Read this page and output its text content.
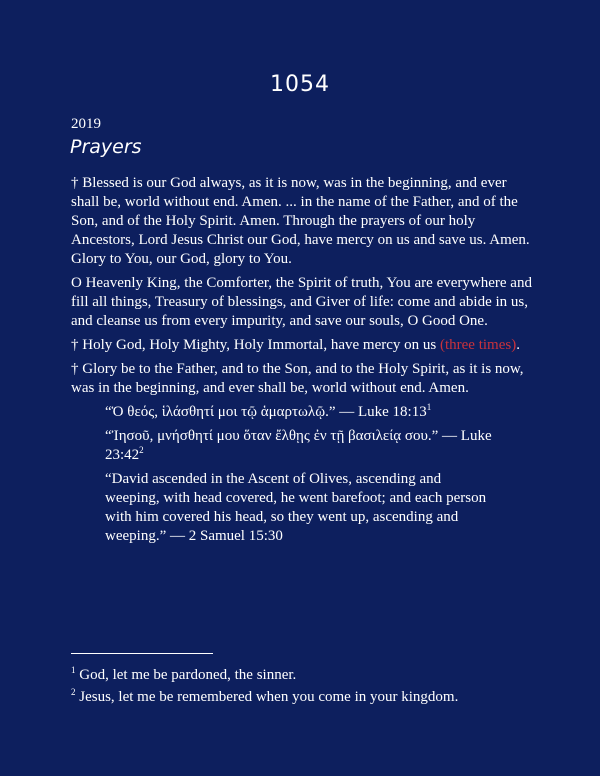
1054
2019
Prayers

† Blessed is our God always, as it is now, was in the beginning, and ever shall be, world without end. Amen. ... in the name of the Father, and of the Son, and of the Holy Spirit. Amen. Through the prayers of our holy Ancestors, Lord Jesus Christ our God, have mercy on us and save us. Amen. Glory to You, our God, glory to You.

O Heavenly King, the Comforter, the Spirit of truth, You are everywhere and fill all things, Treasury of blessings, and Giver of life: come and abide in us, and cleanse us from every impurity, and save our souls, O Good One.

† Holy God, Holy Mighty, Holy Immortal, have mercy on us (three times).

† Glory be to the Father, and to the Son, and to the Holy Spirit, as it is now, was in the beginning, and ever shall be, world without end. Amen.

“Ὁ θεός, ἱλάσθητί μοι τῷ ἁμαρτωλῷ.” — Luke $18:13^1$

“Ἰησοῦ, μνήσθητί μου ὅταν ἔλθῃς ἐν τῇ βασιλείᾳ σου.” — Luke $23:42^2$

“David ascended in the Ascent of Olives, ascending and weeping, with head covered, he went barefoot; and each person with him covered his head, so they went up, ascending and weeping.” — 2 Samuel 15:30

$^1$ God, let me be pardoned, the sinner.

$^2$ Jesus, let me be remembered when you come in your kingdom.
